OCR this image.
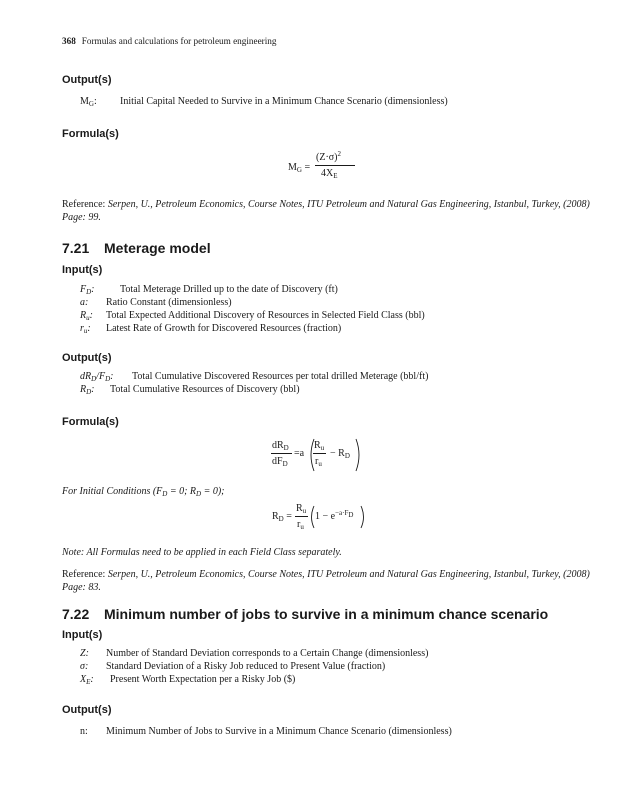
368 Formulas and calculations for petroleum engineering
Output(s)
$M_G$: Initial Capital Needed to Survive in a Minimum Chance Scenario (dimensionless)
Formula(s)
$M_G$ =
$(Z\cdot\sigma)^2$
$4X_E$
Reference: Serpen, U., Petroleum Economics, Course Notes, ITU Petroleum and Natural Gas Engineering, Istanbul, Turkey, (2008) Page: 99.
7.21 Meterage model
Input(s)
$F_D$:	Total Meterage Drilled up to the date of Discovery (ft)
a: Ratio Constant (dimensionless)
$R_u$: Total Expected Additional Discovery of Resources in Selected Field Class (bbl)
$r_u$: Latest Rate of Growth for Discovered Resources (fraction)
Output(s)
$dR_D/F_D$: Total Cumulative Discovered Resources per total drilled Meterage (bbl/ft)
$R_D$: Total Cumulative Resources of Discovery (bbl)
Formula(s)
$dR_D$
$dF_D$
=a
$R_u$
$r_u$
− $R_D$
For Initial Conditions ($F_D = 0$; $R_D = 0$);
$R_D$ =
$R_u$
$r_u$
$1 - e^{-a\cdot F_D}$
Note: All Formulas need to be applied in each Field Class separately.
Reference: Serpen, U., Petroleum Economics, Course Notes, ITU Petroleum and Natural Gas Engineering, Istanbul, Turkey, (2008) Page: 83.
7.22 Minimum number of jobs to survive in a minimum chance scenario
Input(s)
Z: Number of Standard Deviation corresponds to a Certain Change (dimensionless)
σ: Standard Deviation of a Risky Job reduced to Present Value (fraction)
$X_E$: Present Worth Expectation per a Risky Job ($)
Output(s)
n: Minimum Number of Jobs to Survive in a Minimum Chance Scenario (dimensionless)
